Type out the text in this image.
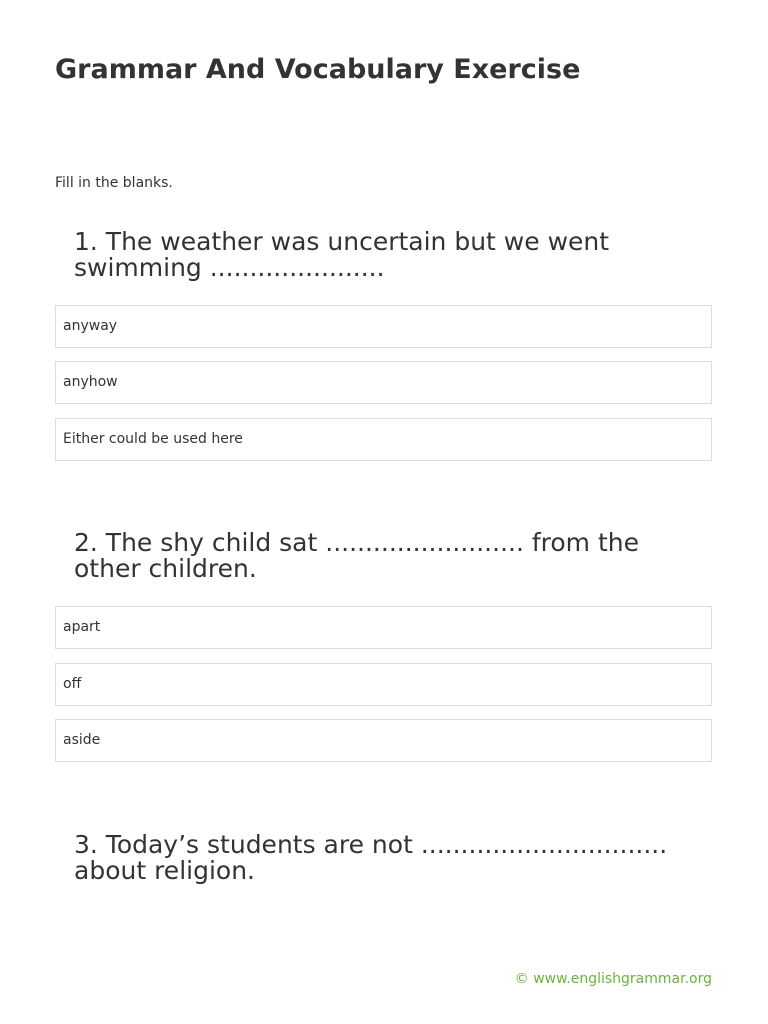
Grammar And Vocabulary Exercise

Fill in the blanks.

1. The weather was uncertain but we went swimming ......................
anyway
anyhow
Either could be used here
2. The shy child sat ......................... from the other children.
apart
off
aside
3. Today’s students are not ............................... about religion.
© www.englishgrammar.org
